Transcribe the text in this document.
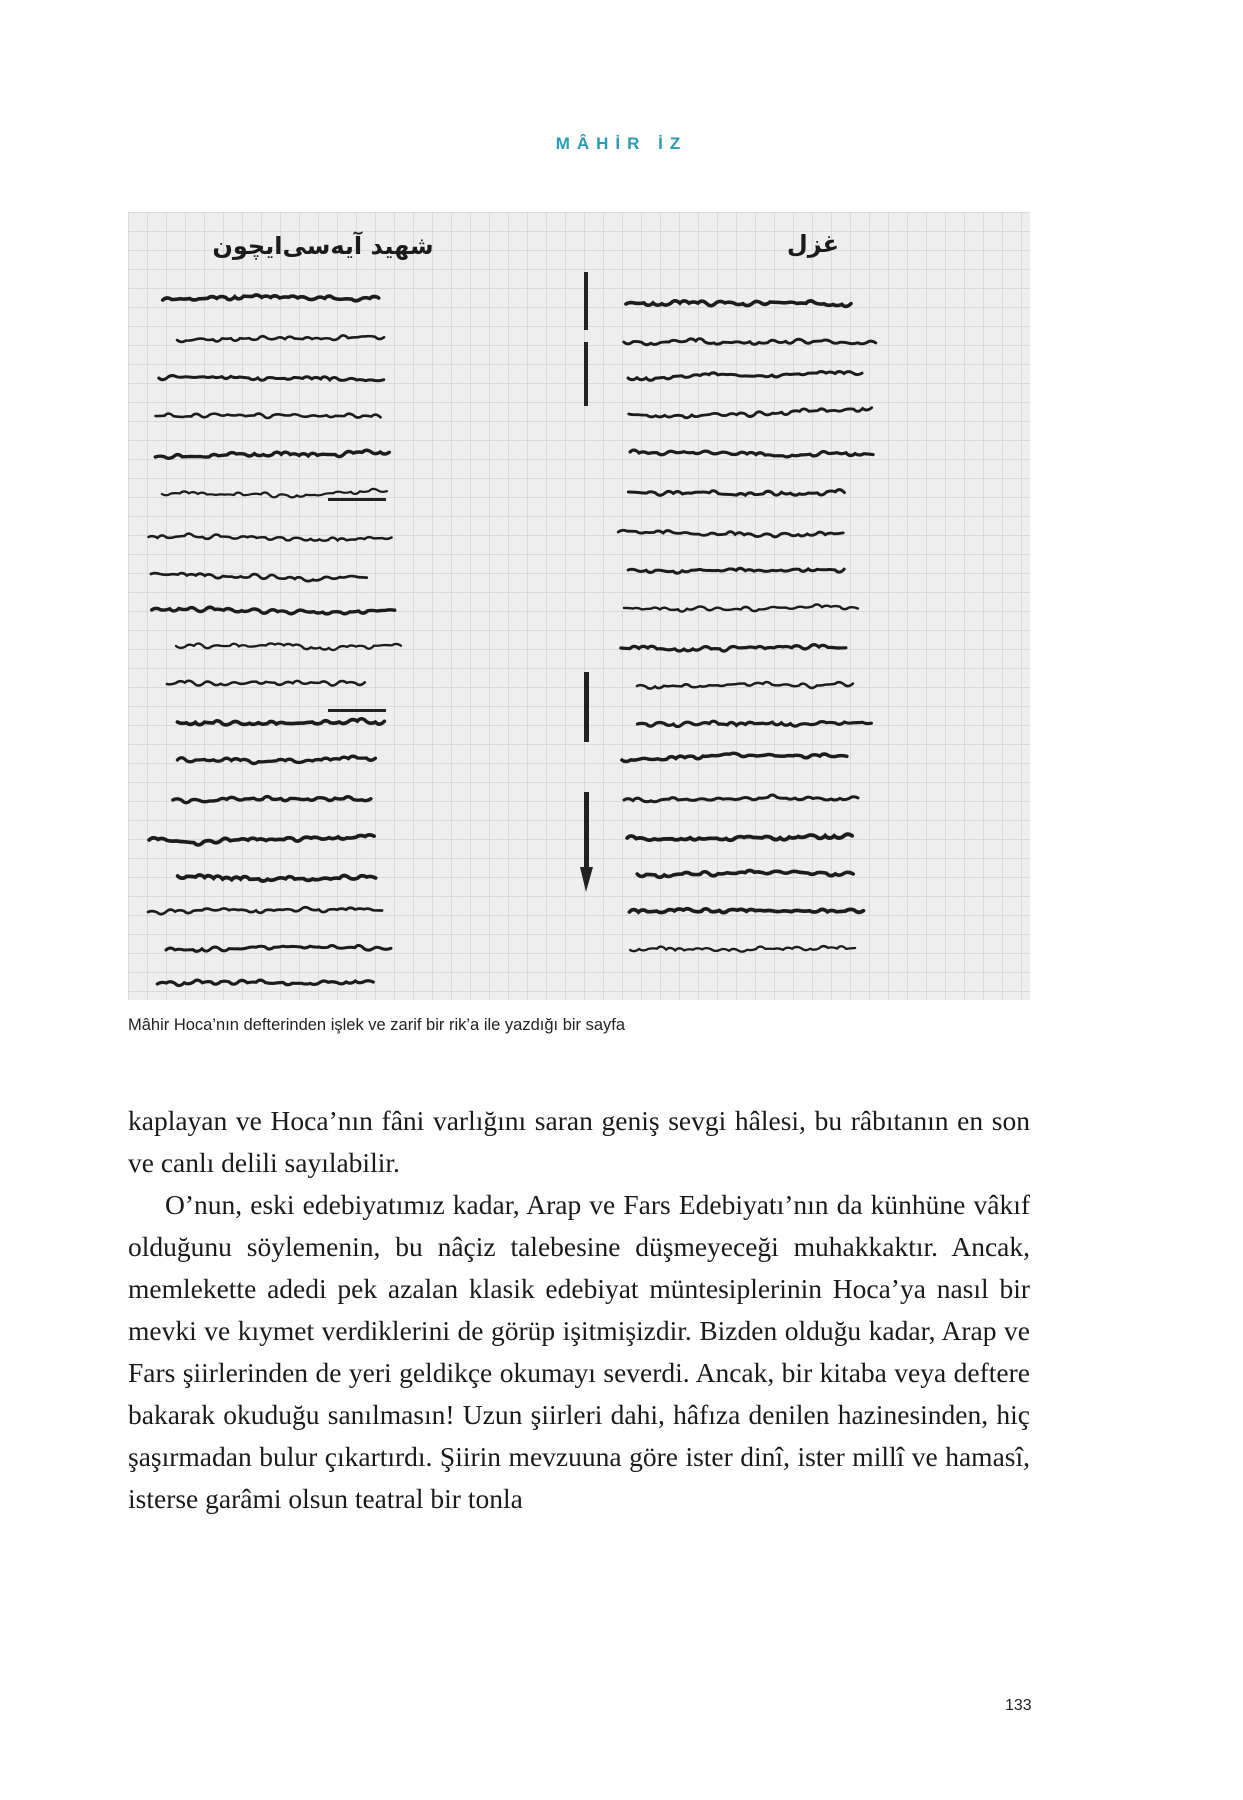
MÂHİR İZ
شهید آیه‌سی‌ایچون	غزل
Mâhir Hoca’nın defterinden işlek ve zarif bir rik’a ile yazdığı bir sayfa

kaplayan ve Hoca’nın fâni varlığını saran geniş sevgi hâlesi, bu râbıtanın en son ve canlı delili sayılabilir.

O’nun, eski edebiyatımız kadar, Arap ve Fars Edebiyatı’nın da künhüne vâkıf olduğunu söylemenin, bu nâçiz talebesine düşmeyeceği muhakkaktır. Ancak, memlekette adedi pek azalan klasik edebiyat müntesiplerinin Hoca’ya nasıl bir mevki ve kıymet verdiklerini de görüp işitmişizdir. Bizden olduğu kadar, Arap ve Fars şiirlerinden de yeri geldikçe okumayı severdi. Ancak, bir kitaba veya deftere bakarak okuduğu sanılmasın! Uzun şiirleri dahi, hâfıza denilen hazinesinden, hiç şaşırmadan bulur çıkartırdı. Şiirin mevzuuna göre ister dinî, ister millî ve hamasî, isterse garâmi olsun teatral bir tonla

133
